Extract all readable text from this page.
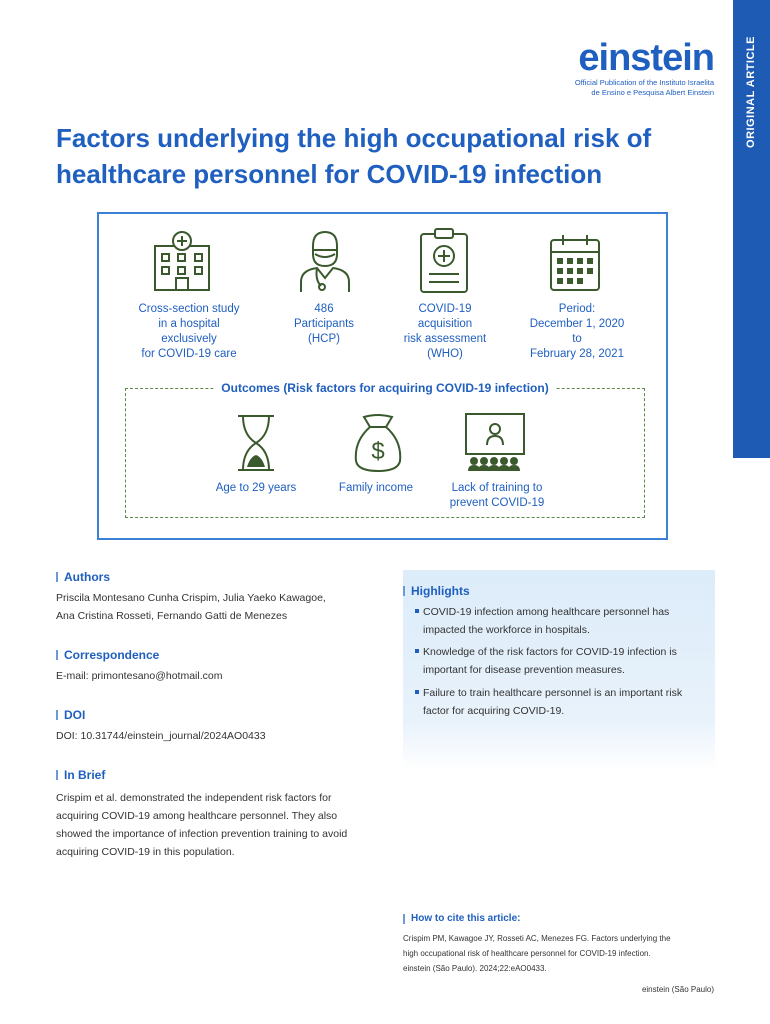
ORIGINAL ARTICLE
einstein
Official Publication of the Instituto Israelita
de Ensino e Pesquisa Albert Einstein
Factors underlying the high occupational risk of healthcare personnel for COVID-19 infection
Cross-section study
in a hospital
exclusively
for COVID-19 care
486
Participants
(HCP)
COVID-19
acquisition
risk assessment
(WHO)
Period:
December 1, 2020
to
February 28, 2021
Outcomes (Risk factors for acquiring COVID-19 infection)
$
Age to 29 years	Family income	Lack of training to
prevent COVID-19
Authors
Priscila Montesano Cunha Crispim, Julia Yaeko Kawagoe,
Ana Cristina Rosseti, Fernando Gatti de Menezes
Correspondence
E-mail: primontesano@hotmail.com
DOI
DOI: 10.31744/einstein_journal/2024AO0433
In Brief
Crispim et al. demonstrated the independent risk factors for
acquiring COVID-19 among healthcare personnel. They also
showed the importance of infection prevention training to avoid
acquiring COVID-19 in this population.
Highlights
COVID-19 infection among healthcare personnel has
impacted the workforce in hospitals.
Knowledge of the risk factors for COVID-19 infection is
important for disease prevention measures.
Failure to train healthcare personnel is an important risk
factor for acquiring COVID-19.
How to cite this article:
Crispim PM, Kawagoe JY, Rosseti AC, Menezes FG. Factors underlying the
high occupational risk of healthcare personnel for COVID-19 infection.
einstein (São Paulo). 2024;22:eAO0433.
einstein (São Paulo)
